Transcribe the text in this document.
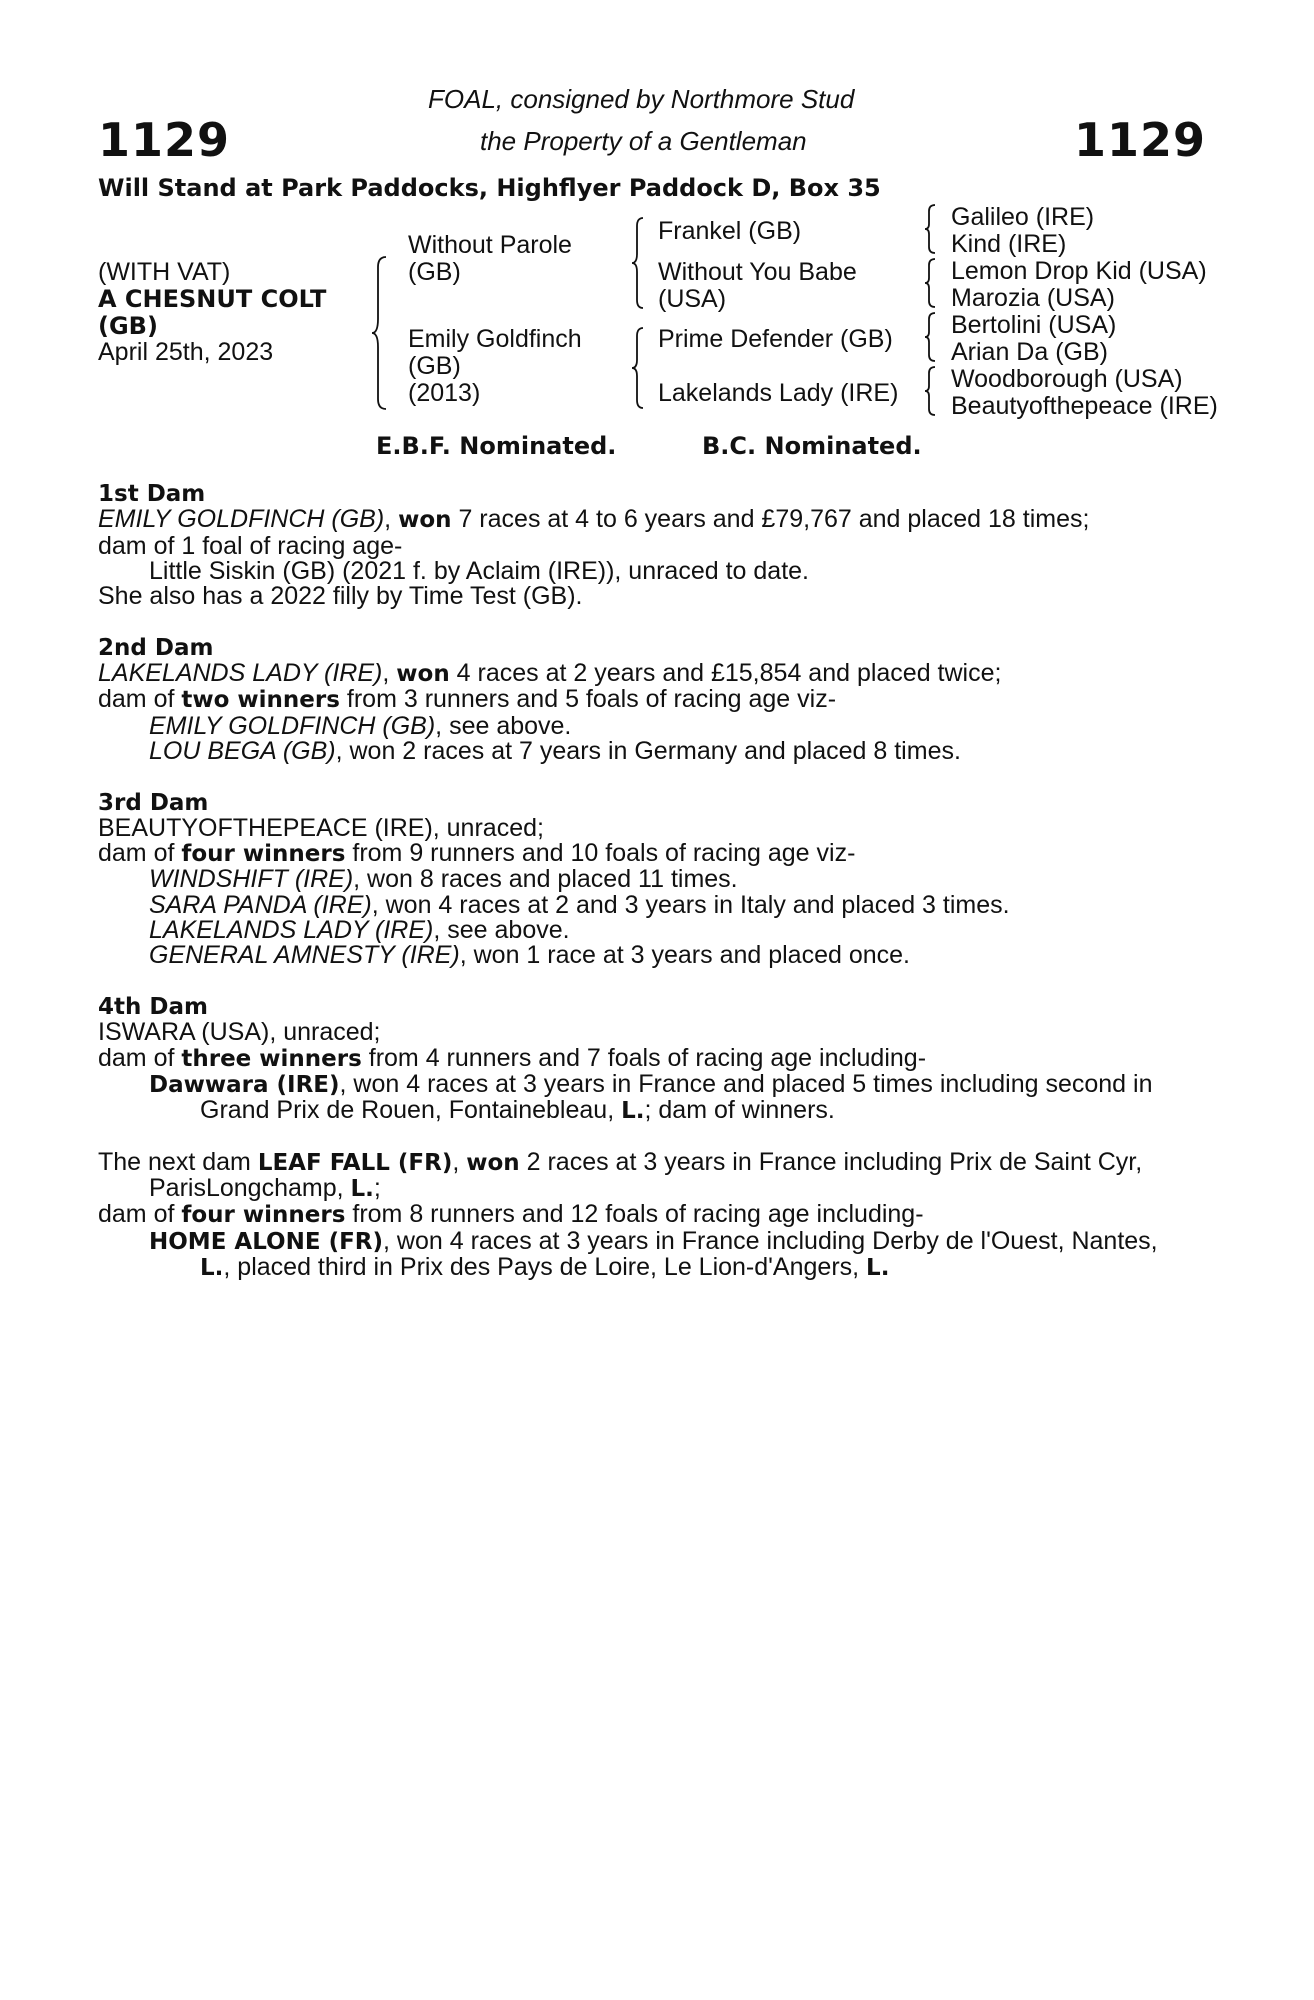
1129	1129
FOAL, consigned by Northmore Stud
the Property of a Gentleman
Will Stand at Park Paddocks, Highflyer Paddock D, Box 35
(WITH VAT)
A CHESNUT COLT
(GB)
April 25th, 2023
Without Parole
(GB)
Emily Goldfinch
(GB)
(2013)
Frankel (GB)
Without You Babe
(USA)
Prime Defender (GB)
Lakelands Lady (IRE)
Galileo (IRE)
Kind (IRE)
Lemon Drop Kid (USA)
Marozia (USA)
Bertolini (USA)
Arian Da (GB)
Woodborough (USA)
Beautyofthepeace (IRE)
E.B.F. Nominated.	B.C. Nominated.

1st Dam

EMILY GOLDFINCH (GB), won 7 races at 4 to 6 years and £79,767 and placed 18 times;

dam of 1 foal of racing age-

Little Siskin (GB) (2021 f. by Aclaim (IRE)), unraced to date.

She also has a 2022 filly by Time Test (GB).

2nd Dam

LAKELANDS LADY (IRE), won 4 races at 2 years and £15,854 and placed twice;

dam of two winners from 3 runners and 5 foals of racing age viz-

EMILY GOLDFINCH (GB), see above.

LOU BEGA (GB), won 2 races at 7 years in Germany and placed 8 times.

3rd Dam

BEAUTYOFTHEPEACE (IRE), unraced;

dam of four winners from 9 runners and 10 foals of racing age viz-

WINDSHIFT (IRE), won 8 races and placed 11 times.

SARA PANDA (IRE), won 4 races at 2 and 3 years in Italy and placed 3 times.

LAKELANDS LADY (IRE), see above.

GENERAL AMNESTY (IRE), won 1 race at 3 years and placed once.

4th Dam

ISWARA (USA), unraced;

dam of three winners from 4 runners and 7 foals of racing age including-

Dawwara (IRE), won 4 races at 3 years in France and placed 5 times including second in

Grand Prix de Rouen, Fontainebleau, L.; dam of winners.

The next dam LEAF FALL (FR), won 2 races at 3 years in France including Prix de Saint Cyr,

ParisLongchamp, L.;

dam of four winners from 8 runners and 12 foals of racing age including-

HOME ALONE (FR), won 4 races at 3 years in France including Derby de l'Ouest, Nantes,

L., placed third in Prix des Pays de Loire, Le Lion-d'Angers, L.
